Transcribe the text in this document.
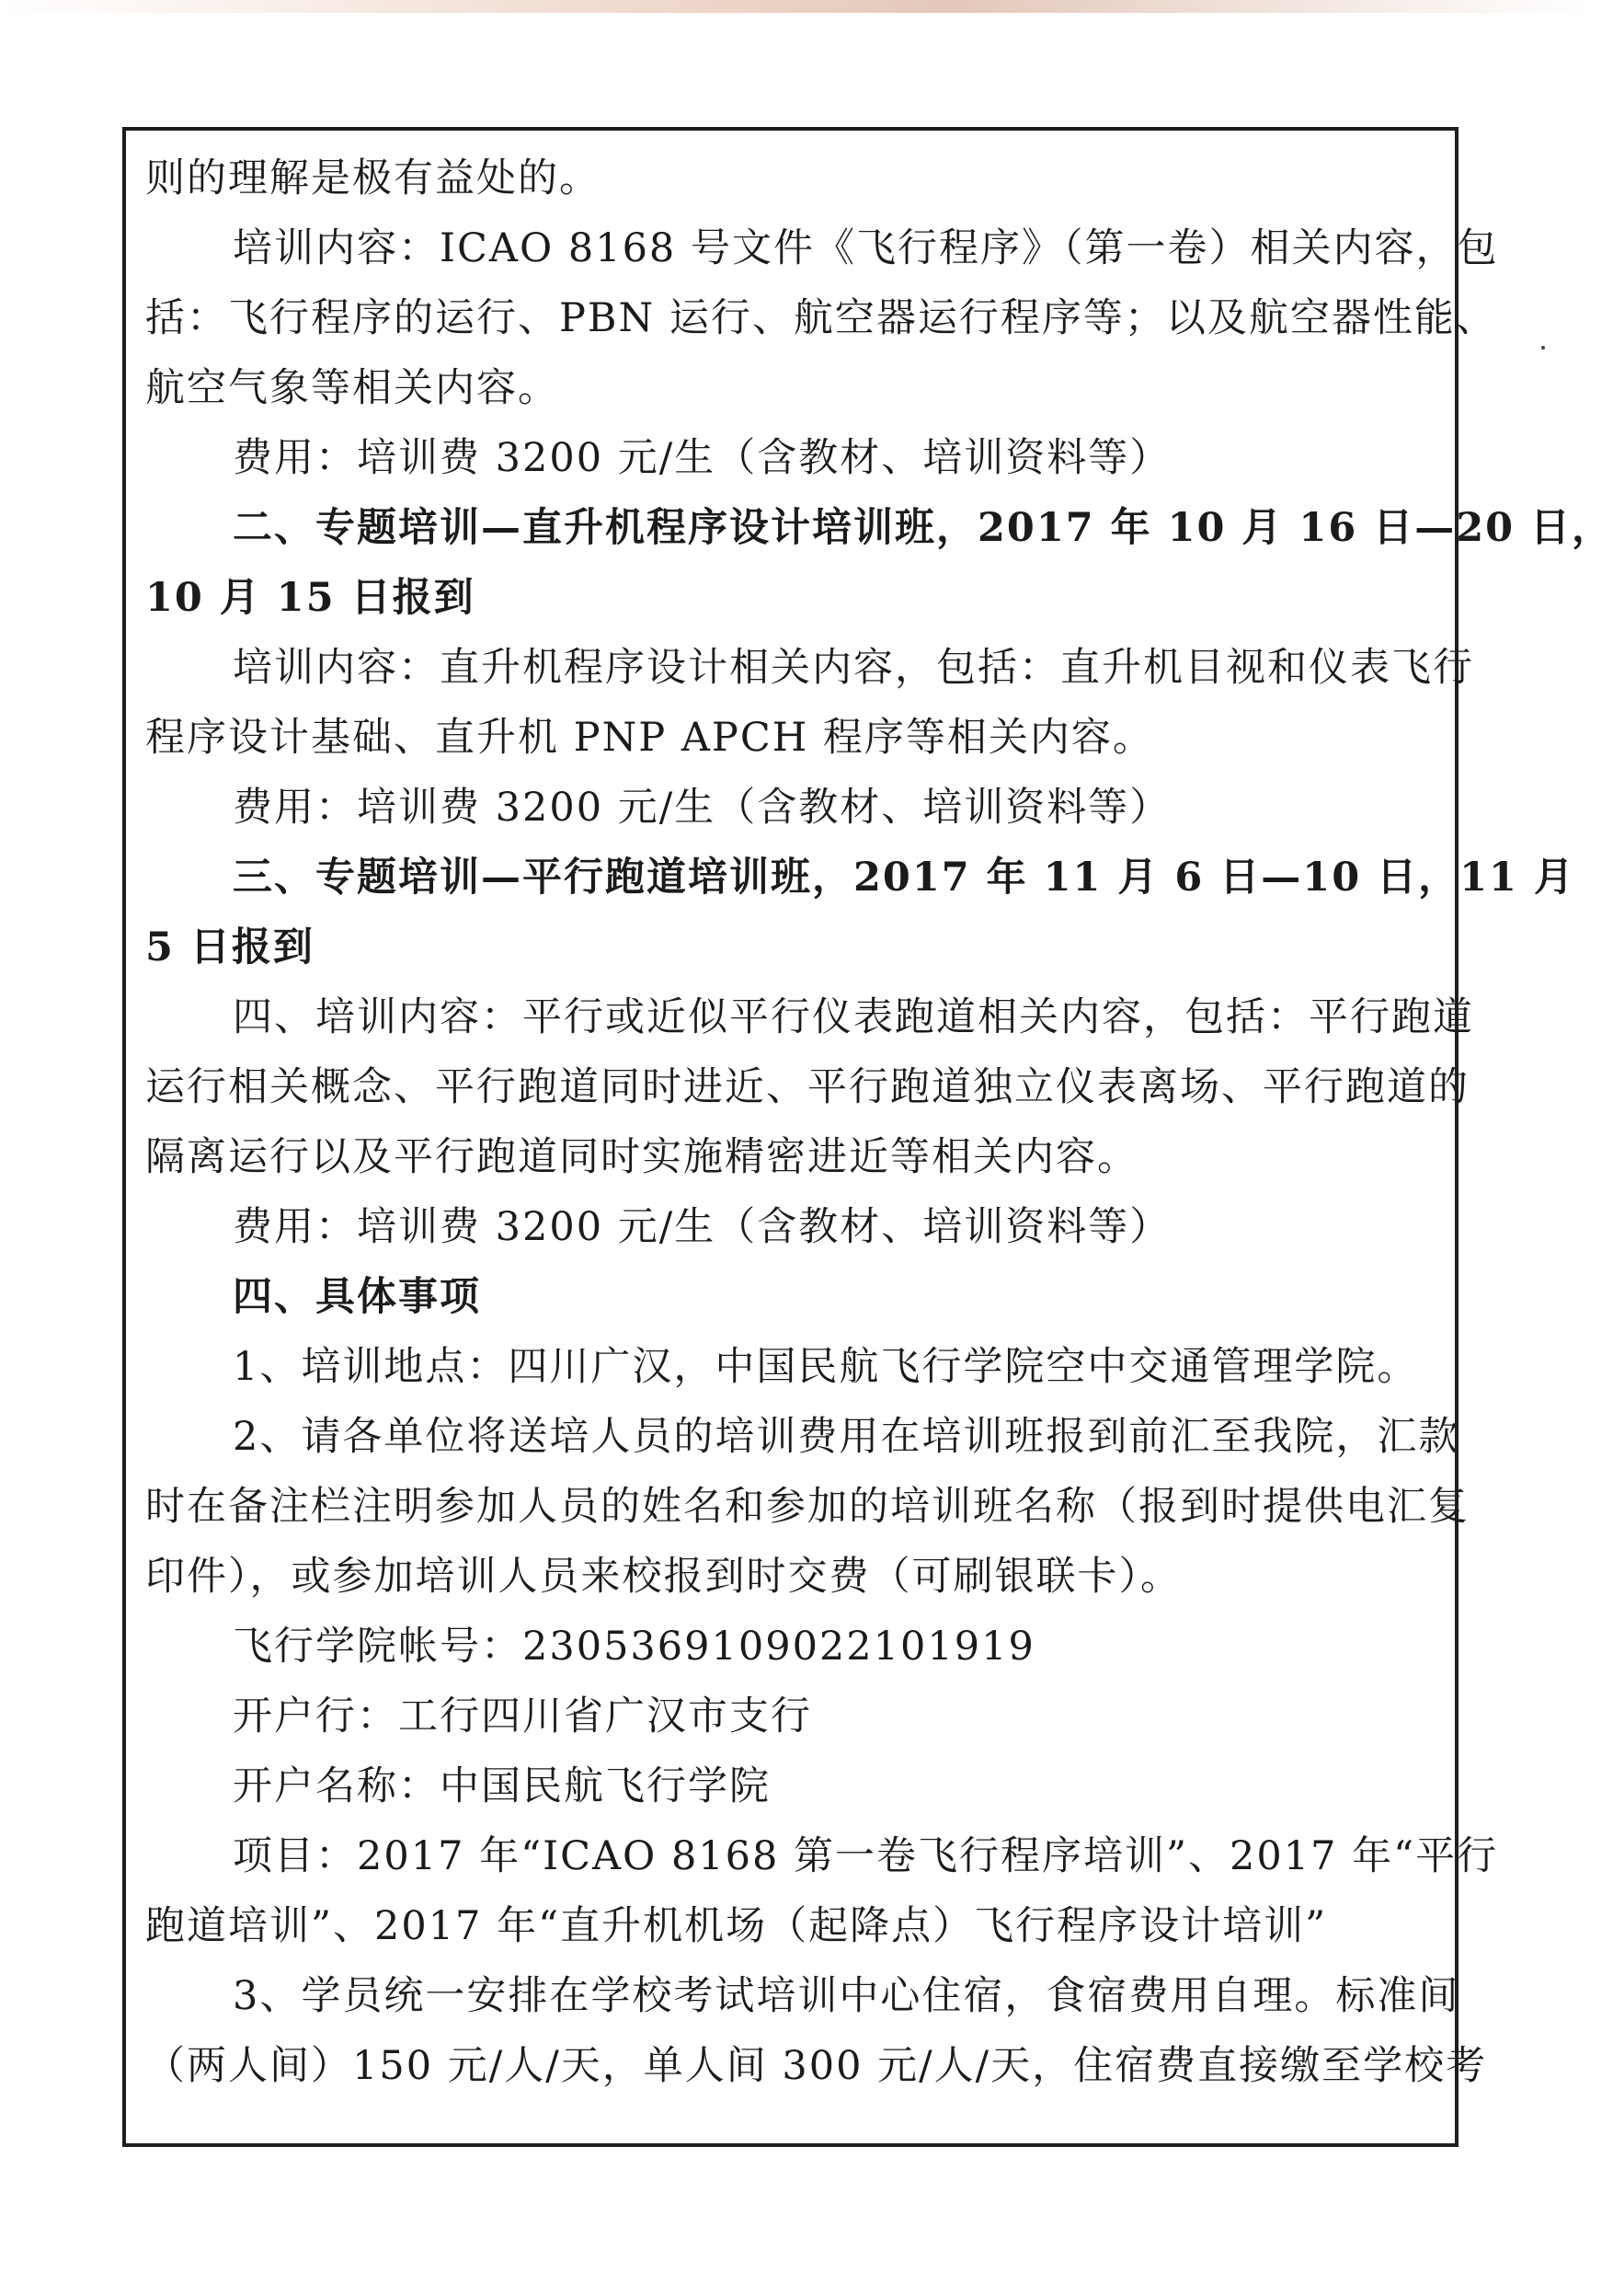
则的理解是极有益处的。
培训内容：ICAO 8168 号文件《飞行程序》（第一卷）相关内容，包
括：飞行程序的运行、PBN 运行、航空器运行程序等；以及航空器性能、
航空气象等相关内容。
费用：培训费 3200 元/生（含教材、培训资料等）
二、专题培训—直升机程序设计培训班，2017 年 10 月 16 日—20 日，
10 月 15 日报到
培训内容：直升机程序设计相关内容，包括：直升机目视和仪表飞行
程序设计基础、直升机 PNP APCH 程序等相关内容。
费用：培训费 3200 元/生（含教材、培训资料等）
三、专题培训—平行跑道培训班，2017 年 11 月 6 日—10 日，11 月
5 日报到
四、培训内容：平行或近似平行仪表跑道相关内容，包括：平行跑道
运行相关概念、平行跑道同时进近、平行跑道独立仪表离场、平行跑道的
隔离运行以及平行跑道同时实施精密进近等相关内容。
费用：培训费 3200 元/生（含教材、培训资料等）
四、具体事项
1、培训地点：四川广汉，中国民航飞行学院空中交通管理学院。
2、请各单位将送培人员的培训费用在培训班报到前汇至我院，汇款
时在备注栏注明参加人员的姓名和参加的培训班名称（报到时提供电汇复
印件），或参加培训人员来校报到时交费（可刷银联卡）。
飞行学院帐号：2305369109022101919
开户行：工行四川省广汉市支行
开户名称：中国民航飞行学院
项目：2017 年“ICAO 8168 第一卷飞行程序培训”、2017 年“平行
跑道培训”、2017 年“直升机机场（起降点）飞行程序设计培训”
3、学员统一安排在学校考试培训中心住宿，食宿费用自理。标准间
（两人间）150 元/人/天，单人间 300 元/人/天，住宿费直接缴至学校考
